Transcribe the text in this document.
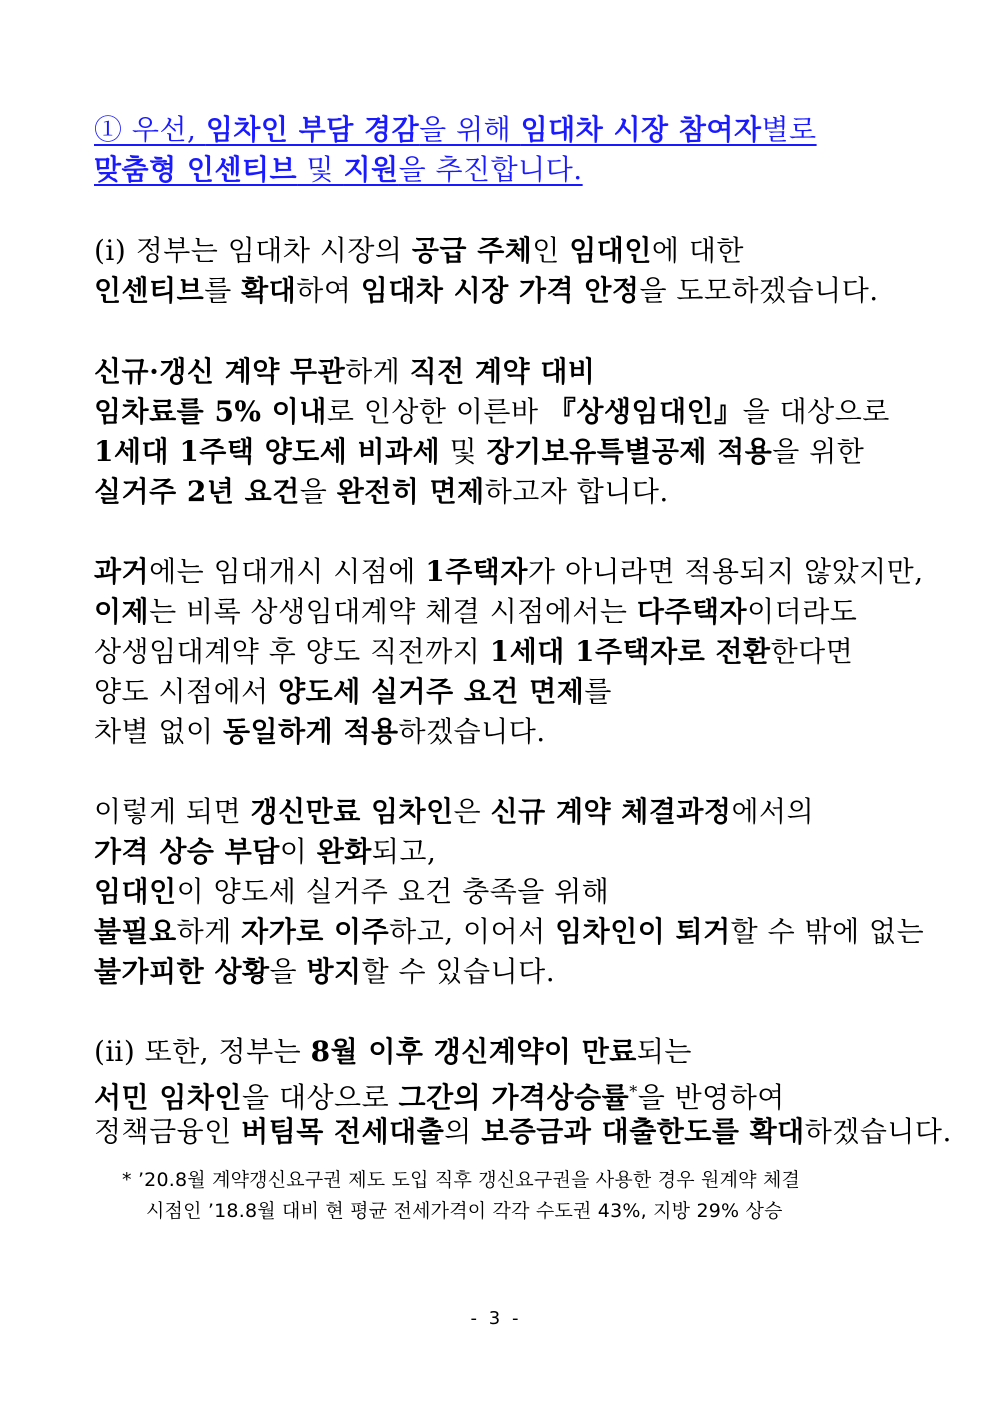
① 우선, 임차인 부담 경감을 위해 임대차 시장 참여자별로
맞춤형 인센티브 및 지원을 추진합니다.
(ⅰ) 정부는 임대차 시장의 공급 주체인 임대인에 대한
인센티브를 확대하여 임대차 시장 가격 안정을 도모하겠습니다.
신규·갱신 계약 무관하게 직전 계약 대비
임차료를 5% 이내로 인상한 이른바 『상생임대인』을 대상으로
1세대 1주택 양도세 비과세 및 장기보유특별공제 적용을 위한
실거주 2년 요건을 완전히 면제하고자 합니다.
과거에는 임대개시 시점에 1주택자가 아니라면 적용되지 않았지만,
이제는 비록 상생임대계약 체결 시점에서는 다주택자이더라도
상생임대계약 후 양도 직전까지 1세대 1주택자로 전환한다면
양도 시점에서 양도세 실거주 요건 면제를
차별 없이 동일하게 적용하겠습니다.
이렇게 되면 갱신만료 임차인은 신규 계약 체결과정에서의
가격 상승 부담이 완화되고,
임대인이 양도세 실거주 요건 충족을 위해
불필요하게 자가로 이주하고, 이어서 임차인이 퇴거할 수 밖에 없는
불가피한 상황을 방지할 수 있습니다.
(ⅱ) 또한, 정부는 8월 이후 갱신계약이 만료되는
서민 임차인을 대상으로 그간의 가격상승률*을 반영하여
정책금융인 버팀목 전세대출의 보증금과 대출한도를 확대하겠습니다.
* ’20.8월 계약갱신요구권 제도 도입 직후 갱신요구권을 사용한 경우 원계약 체결
시점인 ’18.8월 대비 현 평균 전세가격이 각각 수도권 43%, 지방 29% 상승
- 3 -
